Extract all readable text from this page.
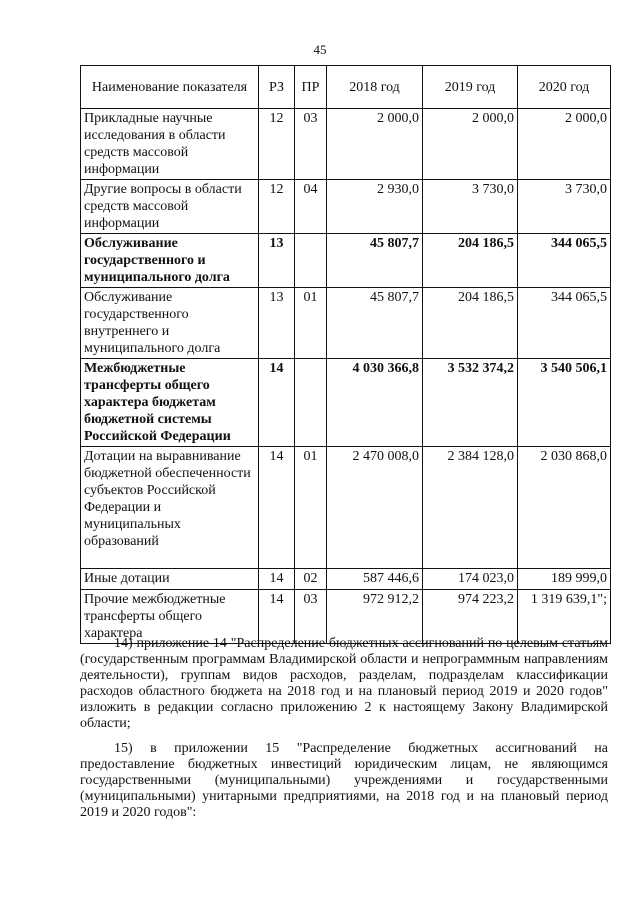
45
Наименование показателя	РЗ	ПР	2018 год	2019 год	2020 год
Прикладные научные исследования в области средств массовой информации	12	03	2 000,0	2 000,0	2 000,0
Другие вопросы в области средств массовой информации	12	04	2 930,0	3 730,0	3 730,0
Обслуживание государственного и муниципального долга	13		45 807,7	204 186,5	344 065,5
Обслуживание государственного внутреннего и муниципального долга	13	01	45 807,7	204 186,5	344 065,5
Межбюджетные трансферты общего характера бюджетам бюджетной системы Российской Федерации	14		4 030 366,8	3 532 374,2	3 540 506,1
Дотации на выравнивание бюджетной обеспеченности субъектов Российской Федерации и муниципальных образований	14	01	2 470 008,0	2 384 128,0	2 030 868,0
Иные дотации	14	02	587 446,6	174 023,0	189 999,0
Прочие межбюджетные трансферты общего характера	14	03	972 912,2	974 223,2	1 319 639,1";
14) приложение 14 "Распределение бюджетных ассигнований по целевым статьям (государственным программам Владимирской области и непрограммным направлениям деятельности), группам видов расходов, разделам, подразделам классификации расходов областного бюджета на 2018 год и на плановый период 2019 и 2020 годов" изложить в редакции согласно приложению 2 к настоящему Закону Владимирской области;
15) в приложении 15 "Распределение бюджетных ассигнований на предоставление бюджетных инвестиций юридическим лицам, не являющимся государственными (муниципальными) учреждениями и государственными (муниципальными) унитарными предприятиями, на 2018 год и на плановый период 2019 и 2020 годов":
